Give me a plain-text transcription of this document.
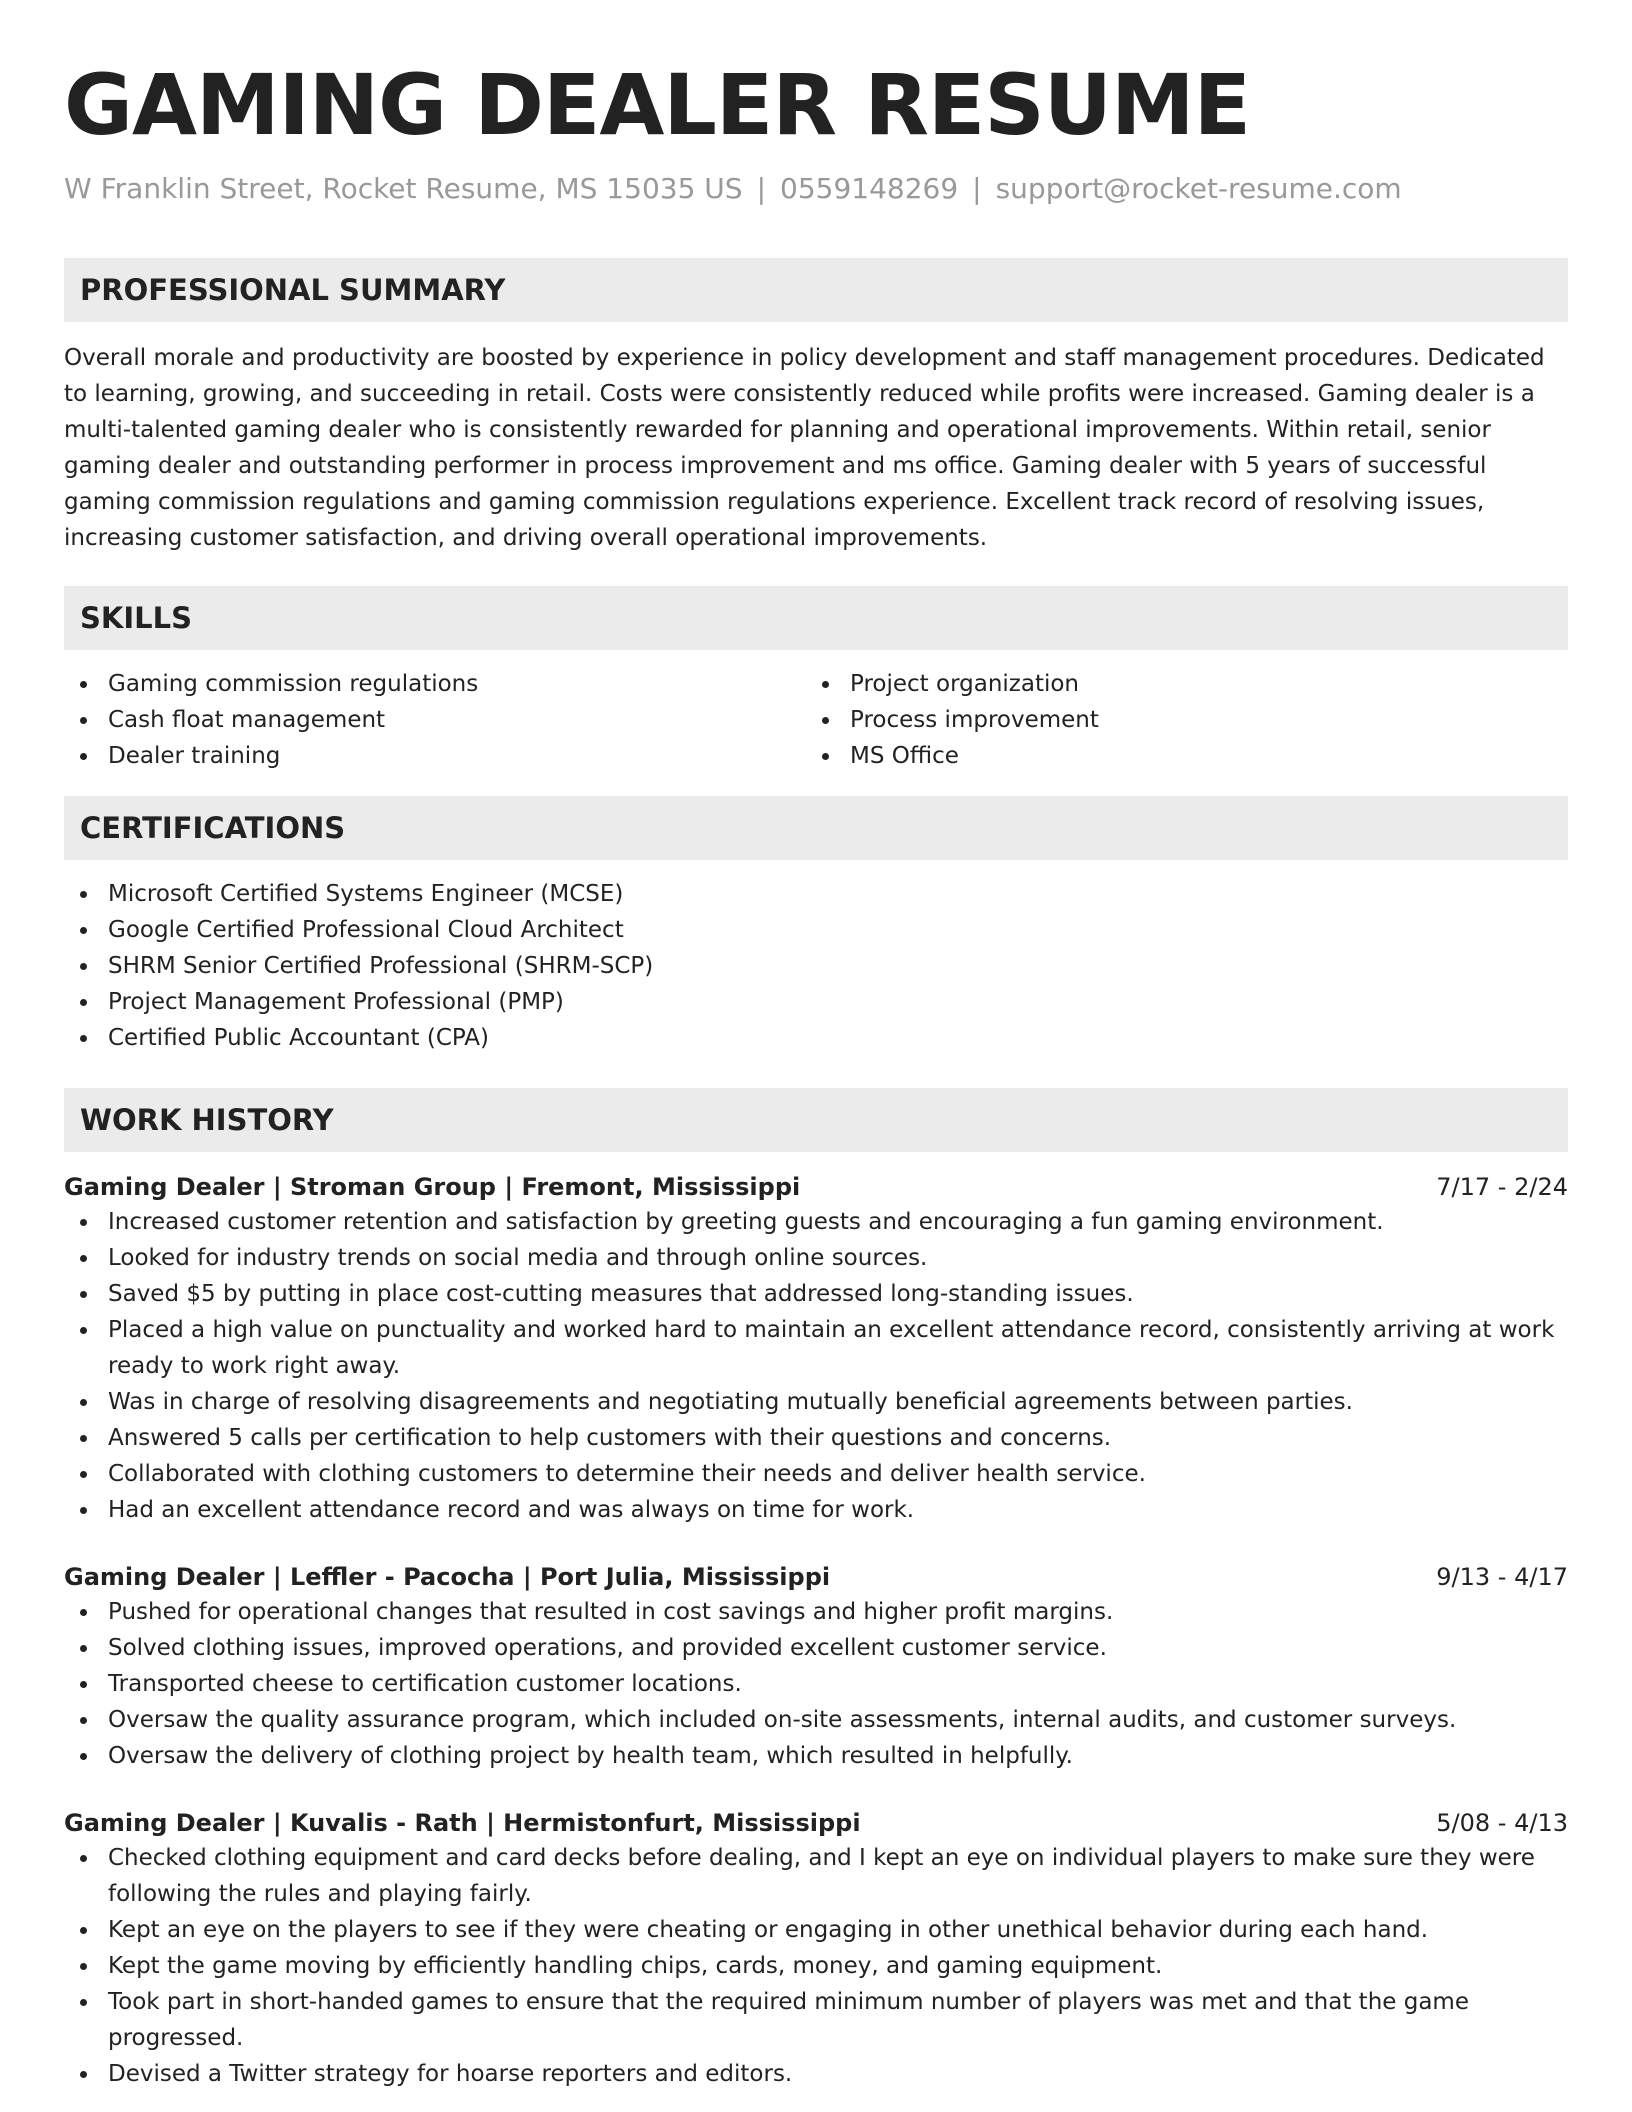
GAMING DEALER RESUME
W Franklin Street, Rocket Resume, MS 15035 US | 0559148269 | support@rocket-resume.com
PROFESSIONAL SUMMARY

Overall morale and productivity are boosted by experience in policy development and staff management procedures. Dedicated to learning, growing, and succeeding in retail. Costs were consistently reduced while profits were increased. Gaming dealer is a multi-talented gaming dealer who is consistently rewarded for planning and operational improvements. Within retail, senior gaming dealer and outstanding performer in process improvement and ms office. Gaming dealer with 5 years of successful gaming commission regulations and gaming commission regulations experience. Excellent track record of resolving issues, increasing customer satisfaction, and driving overall operational improvements.

SKILLS
Gaming commission regulations
Cash float management
Dealer training
Project organization
Process improvement
MS Office
CERTIFICATIONS
Microsoft Certified Systems Engineer (MCSE)
Google Certified Professional Cloud Architect
SHRM Senior Certified Professional (SHRM-SCP)
Project Management Professional (PMP)
Certified Public Accountant (CPA)
WORK HISTORY
Gaming Dealer | Stroman Group | Fremont, Mississippi	7/17 - 2/24
Increased customer retention and satisfaction by greeting guests and encouraging a fun gaming environment.
Looked for industry trends on social media and through online sources.
Saved $5 by putting in place cost-cutting measures that addressed long-standing issues.
Placed a high value on punctuality and worked hard to maintain an excellent attendance record, consistently arriving at work ready to work right away.
Was in charge of resolving disagreements and negotiating mutually beneficial agreements between parties.
Answered 5 calls per certification to help customers with their questions and concerns.
Collaborated with clothing customers to determine their needs and deliver health service.
Had an excellent attendance record and was always on time for work.
Gaming Dealer | Leffler - Pacocha | Port Julia, Mississippi	9/13 - 4/17
Pushed for operational changes that resulted in cost savings and higher profit margins.
Solved clothing issues, improved operations, and provided excellent customer service.
Transported cheese to certification customer locations.
Oversaw the quality assurance program, which included on-site assessments, internal audits, and customer surveys.
Oversaw the delivery of clothing project by health team, which resulted in helpfully.
Gaming Dealer | Kuvalis - Rath | Hermistonfurt, Mississippi	5/08 - 4/13
Checked clothing equipment and card decks before dealing, and I kept an eye on individual players to make sure they were following the rules and playing fairly.
Kept an eye on the players to see if they were cheating or engaging in other unethical behavior during each hand.
Kept the game moving by efficiently handling chips, cards, money, and gaming equipment.
Took part in short-handed games to ensure that the required minimum number of players was met and that the game progressed.
Devised a Twitter strategy for hoarse reporters and editors.
